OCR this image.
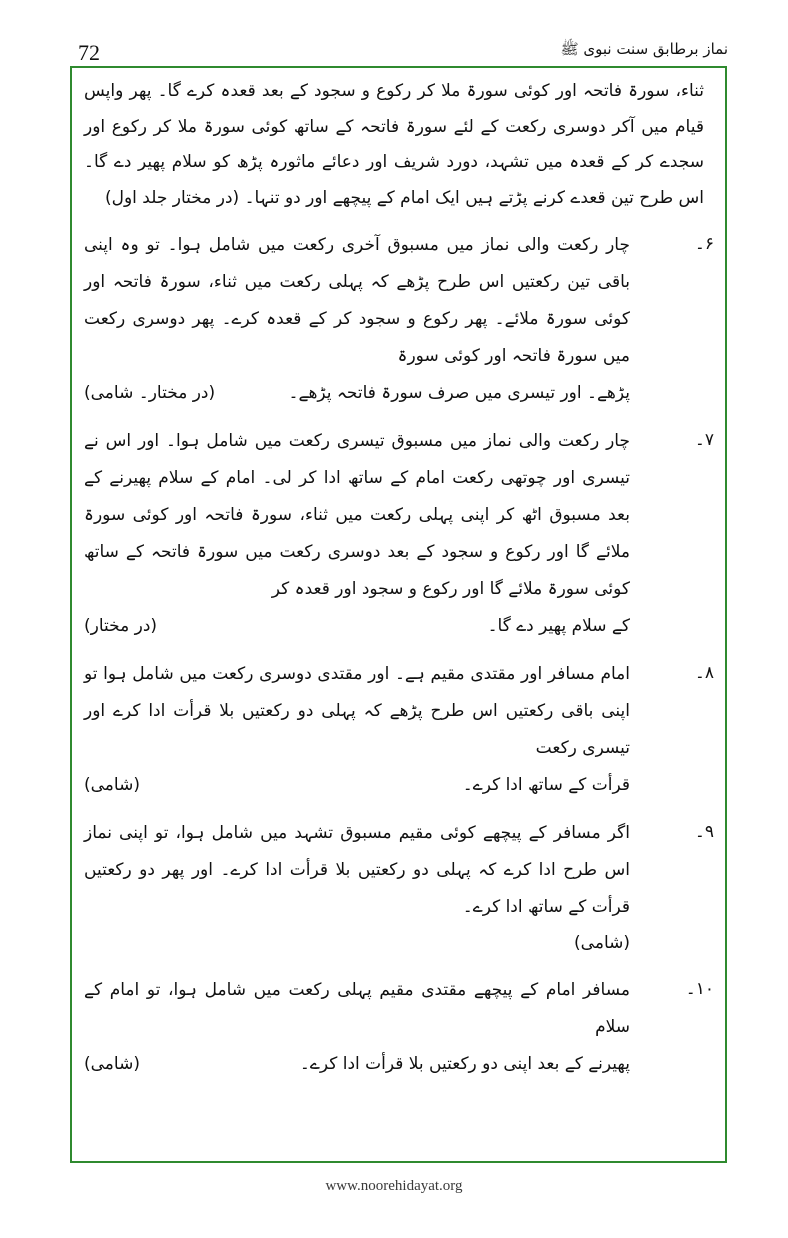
72	نماز برطابق سنت نبوی ﷺ

ثناء، سورۃ فاتحہ اور کوئی سورۃ ملا کر رکوع و سجود کے بعد قعدہ کرے گا۔ پھر واپس قیام میں آکر دوسری رکعت کے لئے سورۃ فاتحہ کے ساتھ کوئی سورۃ ملا کر رکوع اور سجدے کر کے قعدہ میں تشہد، دورد شریف اور دعائے ماثورہ پڑھ کو سلام پھیر دے گا۔ اس طرح تین قعدے کرنے پڑتے ہیں ایک امام کے پیچھے اور دو تنہا۔ (در مختار جلد اول)

۶۔
چار رکعت والی نماز میں مسبوق آخری رکعت میں شامل ہوا۔ تو وہ اپنی باقی تین رکعتیں اس طرح پڑھے کہ پہلی رکعت میں ثناء، سورۃ فاتحہ اور کوئی سورۃ ملائے۔ پھر رکوع و سجود کر کے قعدہ کرے۔ پھر دوسری رکعت میں سورۃ فاتحہ اور کوئی سورۃ
پڑھے۔ اور تیسری میں صرف سورۃ فاتحہ پڑھے۔
(در مختار۔ شامی)
۷۔
چار رکعت والی نماز میں مسبوق تیسری رکعت میں شامل ہوا۔ اور اس نے تیسری اور چوتھی رکعت امام کے ساتھ ادا کر لی۔ امام کے سلام پھیرنے کے بعد مسبوق اٹھ کر اپنی پہلی رکعت میں ثناء، سورۃ فاتحہ اور کوئی سورۃ ملائے گا اور رکوع و سجود کے بعد دوسری رکعت میں سورۃ فاتحہ کے ساتھ کوئی سورۃ ملائے گا اور رکوع و سجود اور قعدہ کر
کے سلام پھیر دے گا۔
(در مختار)
۸۔
امام مسافر اور مقتدی مقیم ہے۔ اور مقتدی دوسری رکعت میں شامل ہوا تو اپنی باقی رکعتیں اس طرح پڑھے کہ پہلی دو رکعتیں بلا قرأت ادا کرے اور تیسری رکعت
قرأت کے ساتھ ادا کرے۔
(شامی)
۹۔
اگر مسافر کے پیچھے کوئی مقیم مسبوق تشہد میں شامل ہوا، تو اپنی نماز اس طرح ادا کرے کہ پہلی دو رکعتیں بلا قرأت ادا کرے۔ اور پھر دو رکعتیں قرأت کے ساتھ ادا کرے۔
(شامی)
۱۰۔
مسافر امام کے پیچھے مقتدی مقیم پہلی رکعت میں شامل ہوا، تو امام کے سلام
پھیرنے کے بعد اپنی دو رکعتیں بلا قرأت ادا کرے۔
(شامی)
www.noorehidayat.org
